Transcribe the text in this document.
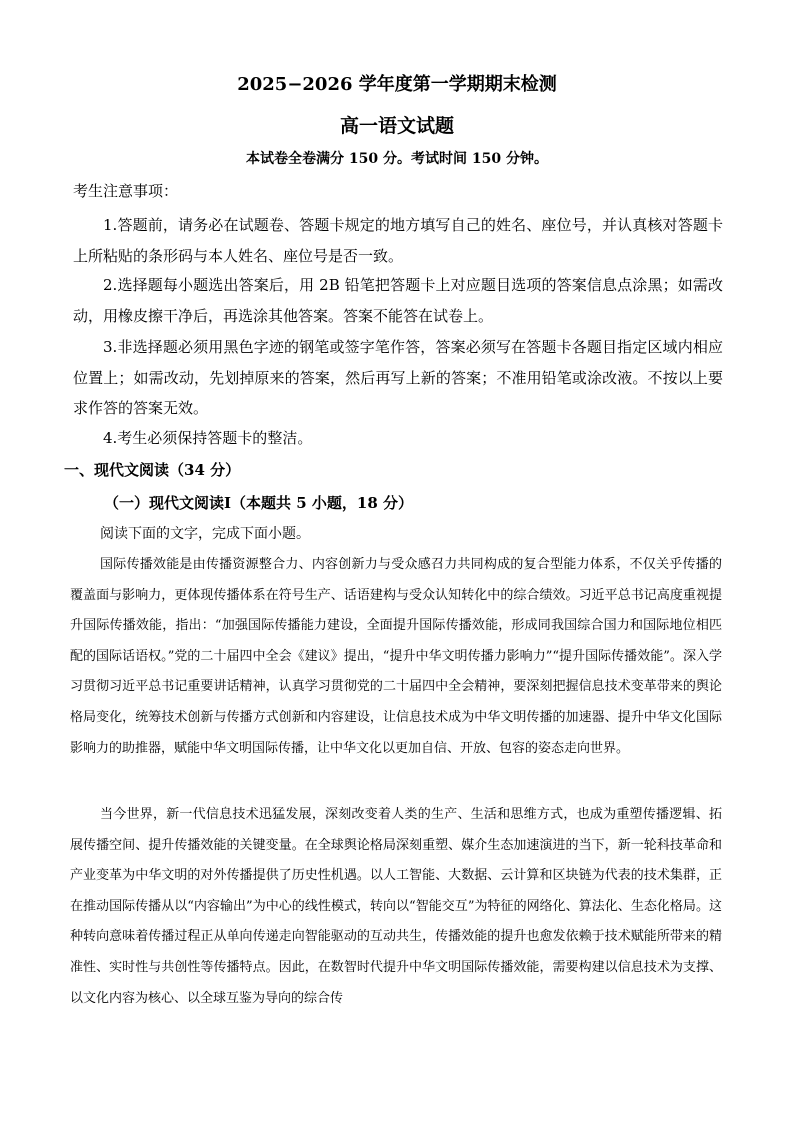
2025−2026 学年度第一学期期末检测
高一语文试题
本试卷全卷满分 150 分。考试时间 150 分钟。
考生注意事项：

1.答题前，请务必在试题卷、答题卡规定的地方填写自己的姓名、座位号，并认真核对答题卡上所粘贴的条形码与本人姓名、座位号是否一致。

2.选择题每小题选出答案后，用 2B 铅笔把答题卡上对应题目选项的答案信息点涂黑；如需改动，用橡皮擦干净后，再选涂其他答案。答案不能答在试卷上。

3.非选择题必须用黑色字迹的钢笔或签字笔作答，答案必须写在答题卡各题目指定区域内相应位置上；如需改动，先划掉原来的答案，然后再写上新的答案；不准用铅笔或涂改液。不按以上要求作答的答案无效。

4.考生必须保持答题卡的整洁。

一、现代文阅读（34 分）
（一）现代文阅读Ⅰ（本题共 5 小题，18 分）
阅读下面的文字，完成下面小题。

国际传播效能是由传播资源整合力、内容创新力与受众感召力共同构成的复合型能力体系，不仅关乎传播的覆盖面与影响力，更体现传播体系在符号生产、话语建构与受众认知转化中的综合绩效。习近平总书记高度重视提升国际传播效能，指出：“加强国际传播能力建设，全面提升国际传播效能，形成同我国综合国力和国际地位相匹配的国际话语权。”党的二十届四中全会《建议》提出，“提升中华文明传播力影响力”“提升国际传播效能”。深入学习贯彻习近平总书记重要讲话精神，认真学习贯彻党的二十届四中全会精神，要深刻把握信息技术变革带来的舆论格局变化，统筹技术创新与传播方式创新和内容建设，让信息技术成为中华文明传播的加速器、提升中华文化国际影响力的助推器，赋能中华文明国际传播，让中华文化以更加自信、开放、包容的姿态走向世界。

当今世界，新一代信息技术迅猛发展，深刻改变着人类的生产、生活和思维方式，也成为重塑传播逻辑、拓展传播空间、提升传播效能的关键变量。在全球舆论格局深刻重塑、媒介生态加速演进的当下，新一轮科技革命和产业变革为中华文明的对外传播提供了历史性机遇。以人工智能、大数据、云计算和区块链为代表的技术集群，正在推动国际传播从以“内容输出”为中心的线性模式，转向以“智能交互”为特征的网络化、算法化、生态化格局。这种转向意味着传播过程正从单向传递走向智能驱动的互动共生，传播效能的提升也愈发依赖于技术赋能所带来的精准性、实时性与共创性等传播特点。因此，在数智时代提升中华文明国际传播效能，需要构建以信息技术为支撑、以文化内容为核心、以全球互鉴为导向的综合传
